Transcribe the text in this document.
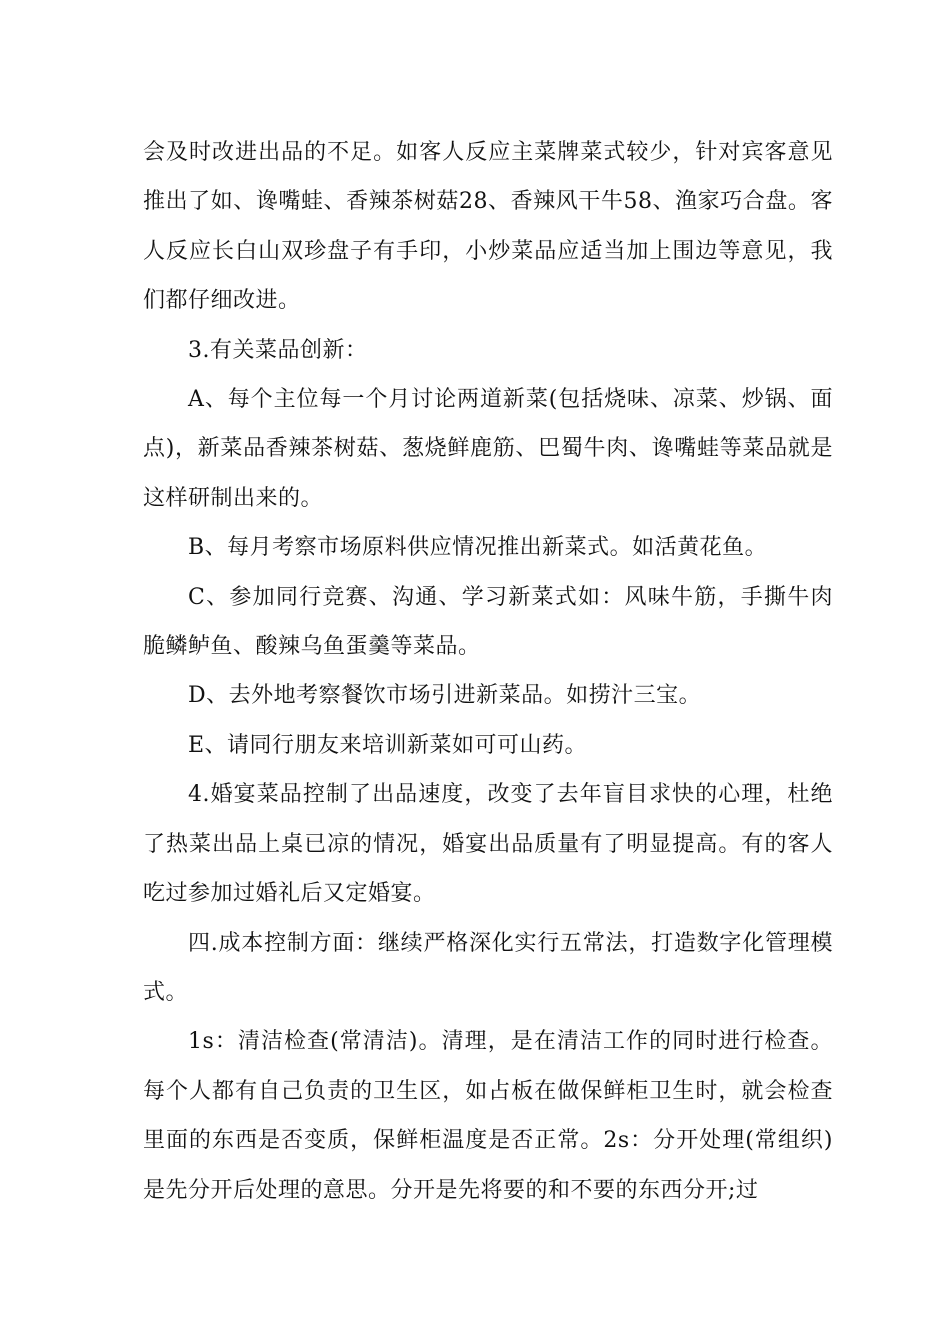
会及时改进出品的不足。如客人反应主菜牌菜式较少，针对宾客意见推出了如、谗嘴蛙、香辣茶树菇28、香辣风干牛58、渔家巧合盘。客人反应长白山双珍盘子有手印，小炒菜品应适当加上围边等意见，我们都仔细改进。

3.有关菜品创新：

A、每个主位每一个月讨论两道新菜(包括烧味、凉菜、炒锅、面点)，新菜品香辣茶树菇、葱烧鲜鹿筋、巴蜀牛肉、谗嘴蛙等菜品就是这样研制出来的。

B、每月考察市场原料供应情况推出新菜式。如活黄花鱼。

C、参加同行竞赛、沟通、学习新菜式如：风味牛筋，手撕牛肉脆鳞鲈鱼、酸辣乌鱼蛋羹等菜品。

D、去外地考察餐饮市场引进新菜品。如捞汁三宝。

E、请同行朋友来培训新菜如可可山药。

4.婚宴菜品控制了出品速度，改变了去年盲目求快的心理，杜绝了热菜出品上桌已凉的情况，婚宴出品质量有了明显提高。有的客人吃过参加过婚礼后又定婚宴。

四.成本控制方面：继续严格深化实行五常法，打造数字化管理模式。

1s：清洁检查(常清洁)。清理，是在清洁工作的同时进行检查。每个人都有自己负责的卫生区，如占板在做保鲜柜卫生时，就会检查里面的东西是否变质，保鲜柜温度是否正常。2s：分开处理(常组织)是先分开后处理的意思。分开是先将要的和不要的东西分开;过
